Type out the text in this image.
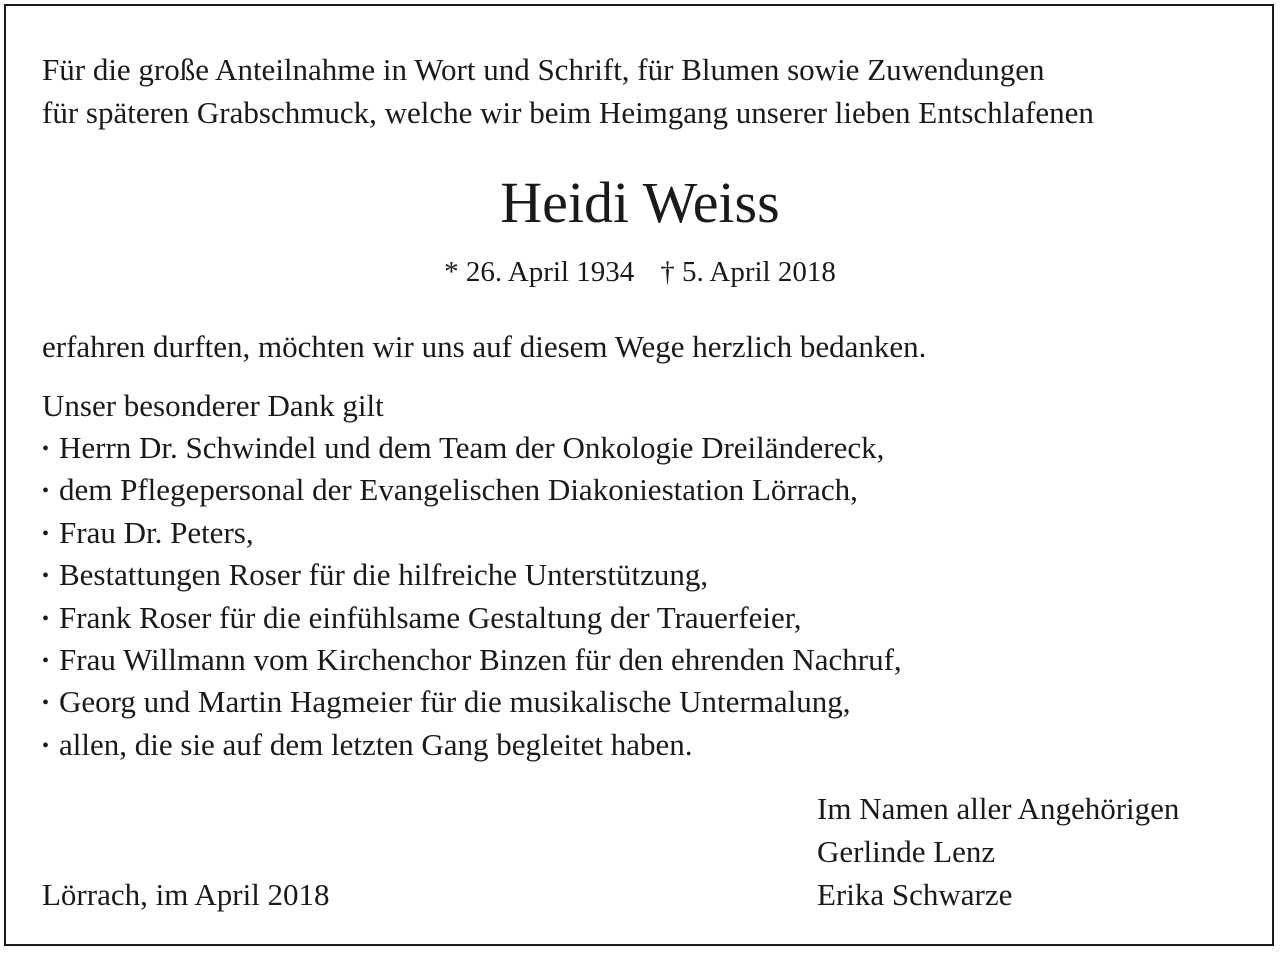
Für die große Anteilnahme in Wort und Schrift, für Blumen sowie Zuwendungen
für späteren Grabschmuck, welche wir beim Heimgang unserer lieben Entschlafenen
Heidi Weiss
* 26. April 1934 † 5. April 2018
erfahren durften, möchten wir uns auf diesem Wege herzlich bedanken.
Unser besonderer Dank gilt
• Herrn Dr. Schwindel und dem Team der Onkologie Dreiländereck,
• dem Pflegepersonal der Evangelischen Diakoniestation Lörrach,
• Frau Dr. Peters,
• Bestattungen Roser für die hilfreiche Unterstützung,
• Frank Roser für die einfühlsame Gestaltung der Trauerfeier,
• Frau Willmann vom Kirchenchor Binzen für den ehrenden Nachruf,
• Georg und Martin Hagmeier für die musikalische Untermalung,
• allen, die sie auf dem letzten Gang begleitet haben.
Im Namen aller Angehörigen
Gerlinde Lenz
Erika Schwarze
Lörrach, im April 2018
